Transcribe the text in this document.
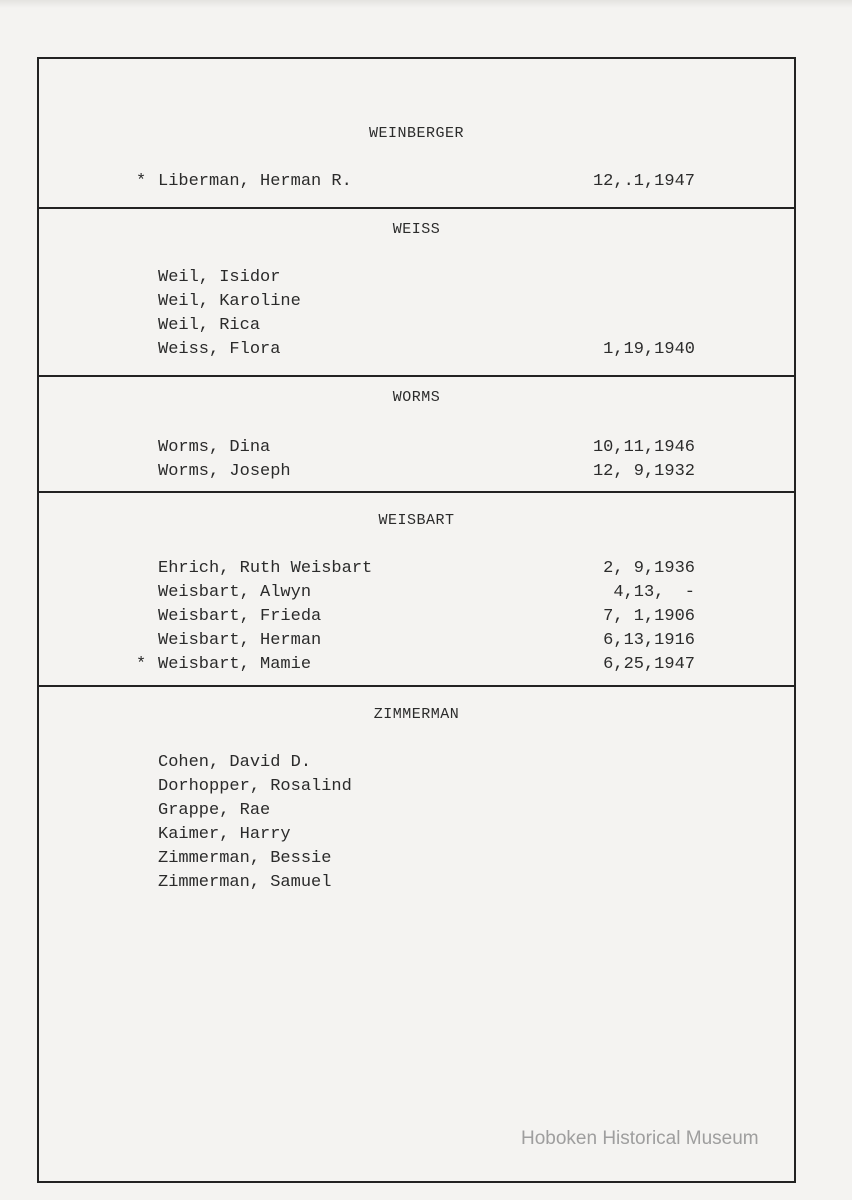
WEINBERGER
* Liberman, Herman R.	12,.1,1947
WEISS
Weil, Isidor
Weil, Karoline
Weil, Rica
Weiss, Flora	1,19,1940
WORMS
Worms, Dina	10,11,1946
Worms, Joseph	12, 9,1932
WEISBART
Ehrich, Ruth Weisbart	2, 9,1936
Weisbart, Alwyn	4,13,  -
Weisbart, Frieda	7, 1,1906
Weisbart, Herman	6,13,1916
* Weisbart, Mamie	6,25,1947
ZIMMERMAN
Cohen, David D.
Dorhopper, Rosalind
Grappe, Rae
Kaimer, Harry
Zimmerman, Bessie
Zimmerman, Samuel
Hoboken Historical Museum
